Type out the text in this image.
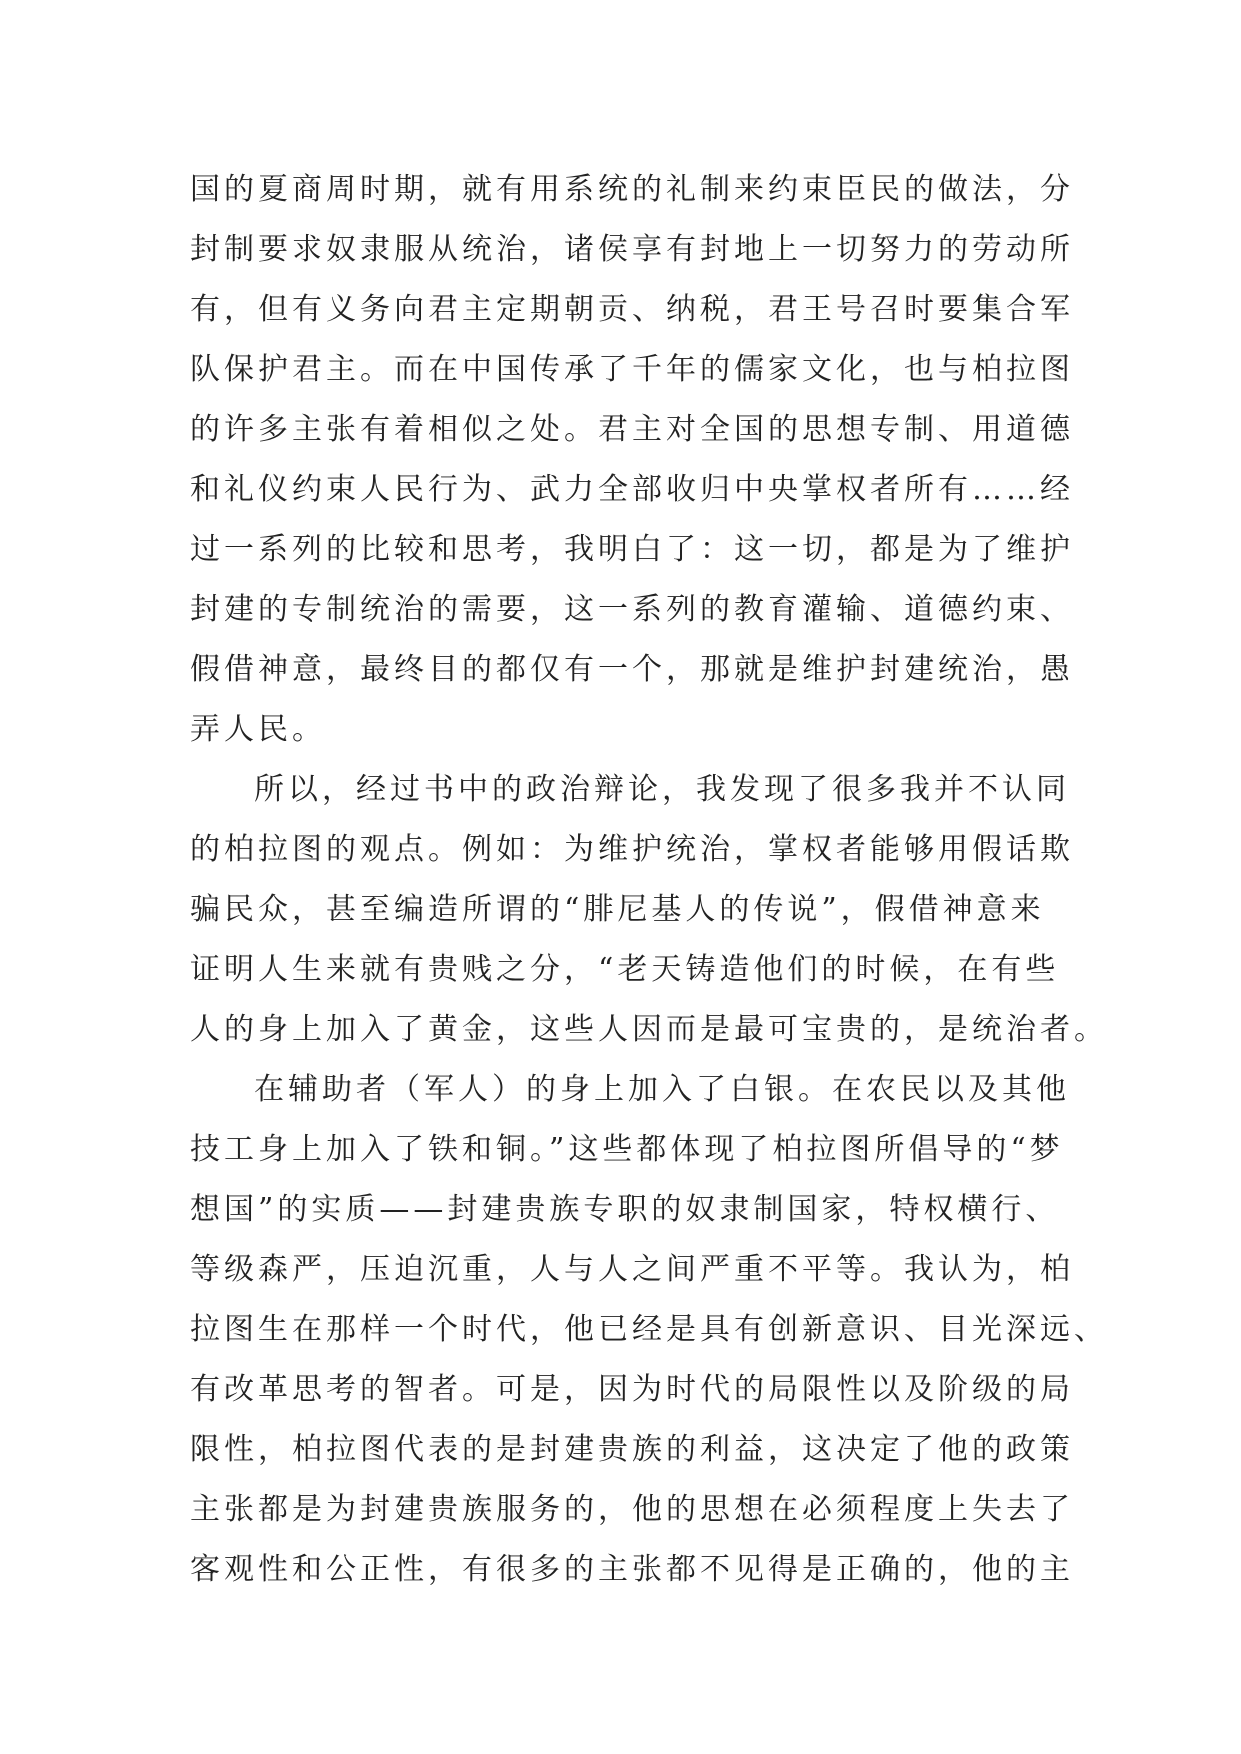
国的夏商周时期，就有用系统的礼制来约束臣民的做法，分
封制要求奴隶服从统治，诸侯享有封地上一切努力的劳动所
有，但有义务向君主定期朝贡、纳税，君王号召时要集合军
队保护君主。而在中国传承了千年的儒家文化，也与柏拉图
的许多主张有着相似之处。君主对全国的思想专制、用道德
和礼仪约束人民行为、武力全部收归中央掌权者所有……经
过一系列的比较和思考，我明白了：这一切，都是为了维护
封建的专制统治的需要，这一系列的教育灌输、道德约束、
假借神意，最终目的都仅有一个，那就是维护封建统治，愚
弄人民。
所以，经过书中的政治辩论，我发现了很多我并不认同
的柏拉图的观点。例如：为维护统治，掌权者能够用假话欺
骗民众，甚至编造所谓的“腓尼基人的传说”，假借神意来
证明人生来就有贵贱之分，“老天铸造他们的时候，在有些
人的身上加入了黄金，这些人因而是最可宝贵的，是统治者。
在辅助者（军人）的身上加入了白银。在农民以及其他
技工身上加入了铁和铜。”这些都体现了柏拉图所倡导的“梦
想国”的实质——封建贵族专职的奴隶制国家，特权横行、
等级森严，压迫沉重，人与人之间严重不平等。我认为，柏
拉图生在那样一个时代，他已经是具有创新意识、目光深远、
有改革思考的智者。可是，因为时代的局限性以及阶级的局
限性，柏拉图代表的是封建贵族的利益，这决定了他的政策
主张都是为封建贵族服务的，他的思想在必须程度上失去了
客观性和公正性，有很多的主张都不见得是正确的，他的主
